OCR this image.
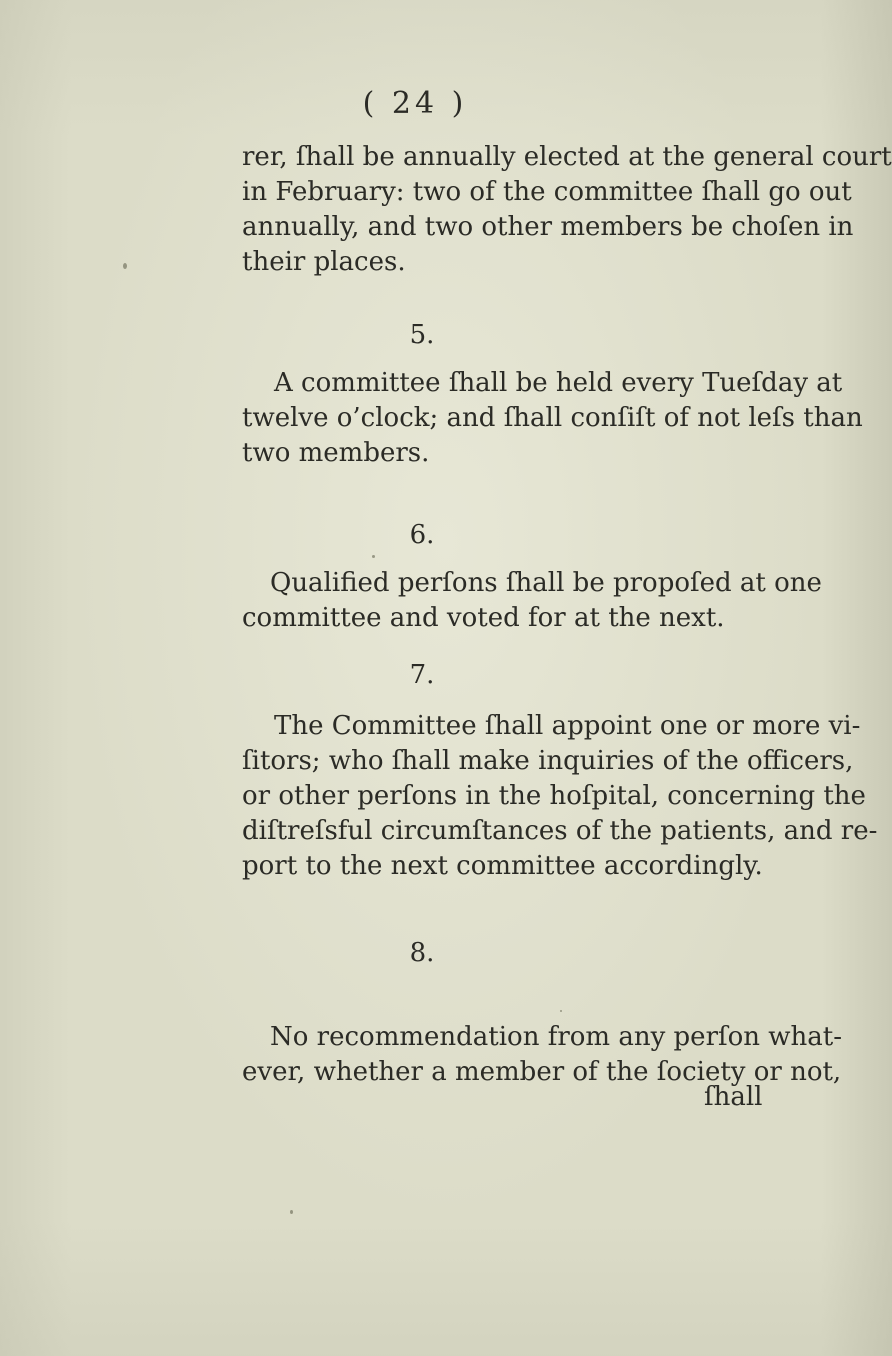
( 24 )
rer, ſhall be annually elected at the general court
in February: two of the committee ſhall go out
annually, and two other members be choſen in
their places.
5.
A committee ſhall be held every Tueſday at
twelve o’clock; and ſhall conſiſt of not leſs than
two members.
6.
Qualified perſons ſhall be propoſed at one
committee and voted for at the next.
7.
The Committee ſhall appoint one or more vi-
ſitors; who ſhall make inquiries of the officers,
or other perſons in the hoſpital, concerning the
diſtreſsful circumſtances of the patients, and re-
port to the next committee accordingly.
8.
No recommendation from any perſon what-
ever, whether a member of the ſociety or not,
ſhall
